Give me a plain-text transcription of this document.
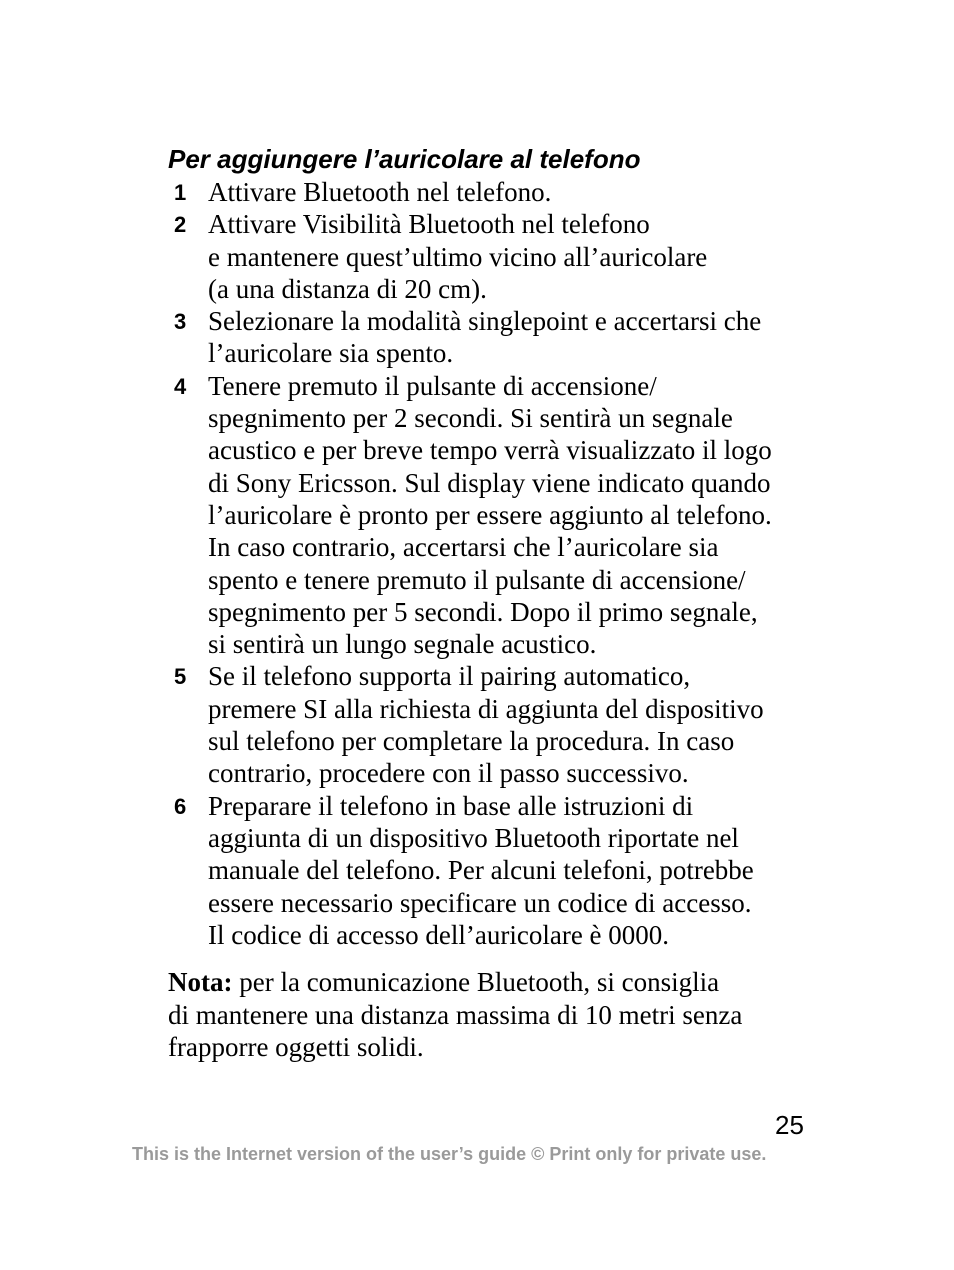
Per aggiungere l’auricolare al telefono
1 Attivare Bluetooth nel telefono.
2 Attivare Visibilità Bluetooth nel telefono
e mantenere quest’ultimo vicino all’auricolare
(a una distanza di 20 cm).
3 Selezionare la modalità singlepoint e accertarsi che
l’auricolare sia spento.
4 Tenere premuto il pulsante di accensione/
spegnimento per 2 secondi. Si sentirà un segnale
acustico e per breve tempo verrà visualizzato il logo
di Sony Ericsson. Sul display viene indicato quando
l’auricolare è pronto per essere aggiunto al telefono.
In caso contrario, accertarsi che l’auricolare sia
spento e tenere premuto il pulsante di accensione/
spegnimento per 5 secondi. Dopo il primo segnale,
si sentirà un lungo segnale acustico.
5 Se il telefono supporta il pairing automatico,
premere SI alla richiesta di aggiunta del dispositivo
sul telefono per completare la procedura. In caso
contrario, procedere con il passo successivo.
6 Preparare il telefono in base alle istruzioni di
aggiunta di un dispositivo Bluetooth riportate nel
manuale del telefono. Per alcuni telefoni, potrebbe
essere necessario specificare un codice di accesso.
Il codice di accesso dell’auricolare è 0000.
Nota: per la comunicazione Bluetooth, si consiglia
di mantenere una distanza massima di 10 metri senza
frapporre oggetti solidi.
25
This is the Internet version of the user’s guide © Print only for private use.
